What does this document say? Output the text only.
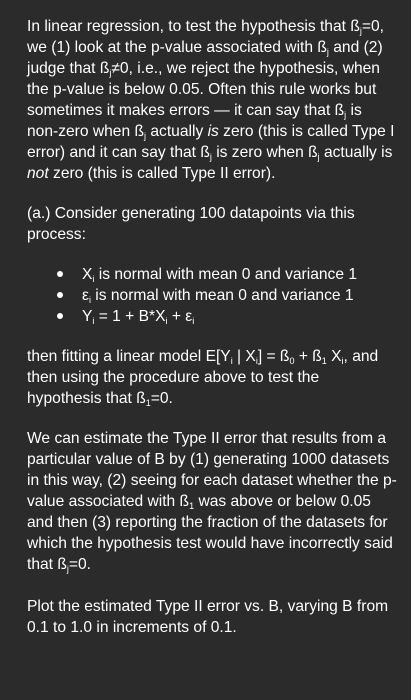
In linear regression, to test the hypothesis that $ß_j=0$, we (1) look at the p-value associated with $ß_j$ and (2) judge that $ß_j\ne 0$, i.e., we reject the hypothesis, when the p-value is below 0.05. Often this rule works but sometimes it makes errors — it can say that $ß_j$ is non-zero when $ß_j$ actually is zero (this is called Type I error) and it can say that $ß_j$ is zero when $ß_j$ actually is not zero (this is called Type II error).

(a.) Consider generating 100 datapoints via this process:

$X_i$ is normal with mean 0 and variance 1
$\varepsilon_i$ is normal with mean 0 and variance 1
$Y_i = 1 + B*X_i + \varepsilon_i$

then fitting a linear model $E[Y_i$ | $X_i$] = $ß_0$ + $ß_1$ $X_i$, and then using the procedure above to test the hypothesis that $ß_1=0$.

We can estimate the Type II error that results from a particular value of B by (1) generating 1000 datasets in this way, (2) seeing for each dataset whether the p-value associated with $ß_1$ was above or below 0.05 and then (3) reporting the fraction of the datasets for which the hypothesis test would have incorrectly said that $ß_j=0$.

Plot the estimated Type II error vs. B, varying B from 0.1 to 1.0 in increments of 0.1.
